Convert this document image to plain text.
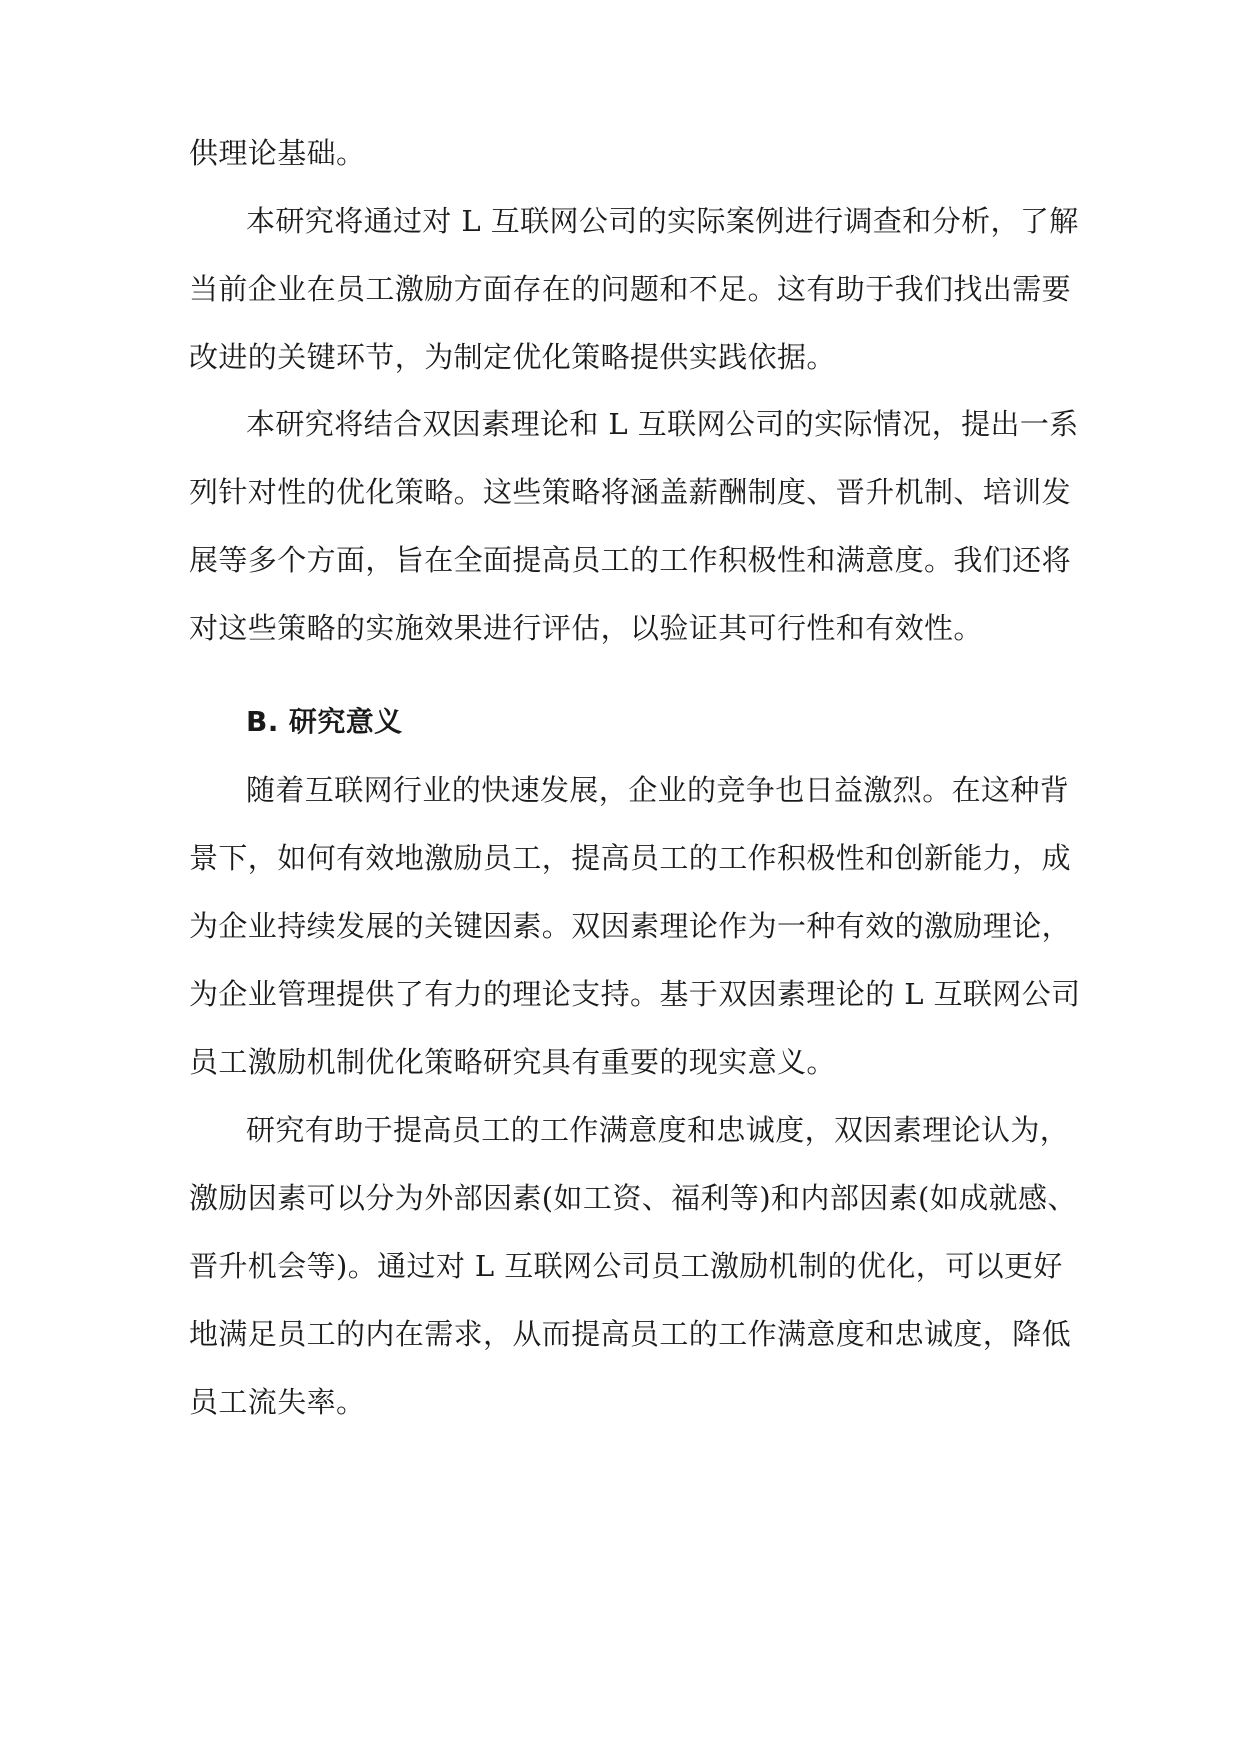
供理论基础。
本研究将通过对 L 互联网公司的实际案例进行调查和分析，了解
当前企业在员工激励方面存在的问题和不足。这有助于我们找出需要
改进的关键环节，为制定优化策略提供实践依据。
本研究将结合双因素理论和 L 互联网公司的实际情况，提出一系
列针对性的优化策略。这些策略将涵盖薪酬制度、晋升机制、培训发
展等多个方面，旨在全面提高员工的工作积极性和满意度。我们还将
对这些策略的实施效果进行评估，以验证其可行性和有效性。
B. 研究意义
随着互联网行业的快速发展，企业的竞争也日益激烈。在这种背
景下，如何有效地激励员工，提高员工的工作积极性和创新能力，成
为企业持续发展的关键因素。双因素理论作为一种有效的激励理论，
为企业管理提供了有力的理论支持。基于双因素理论的 L 互联网公司
员工激励机制优化策略研究具有重要的现实意义。
研究有助于提高员工的工作满意度和忠诚度，双因素理论认为，
激励因素可以分为外部因素(如工资、福利等)和内部因素(如成就感、
晋升机会等)。通过对 L 互联网公司员工激励机制的优化，可以更好
地满足员工的内在需求，从而提高员工的工作满意度和忠诚度，降低
员工流失率。
